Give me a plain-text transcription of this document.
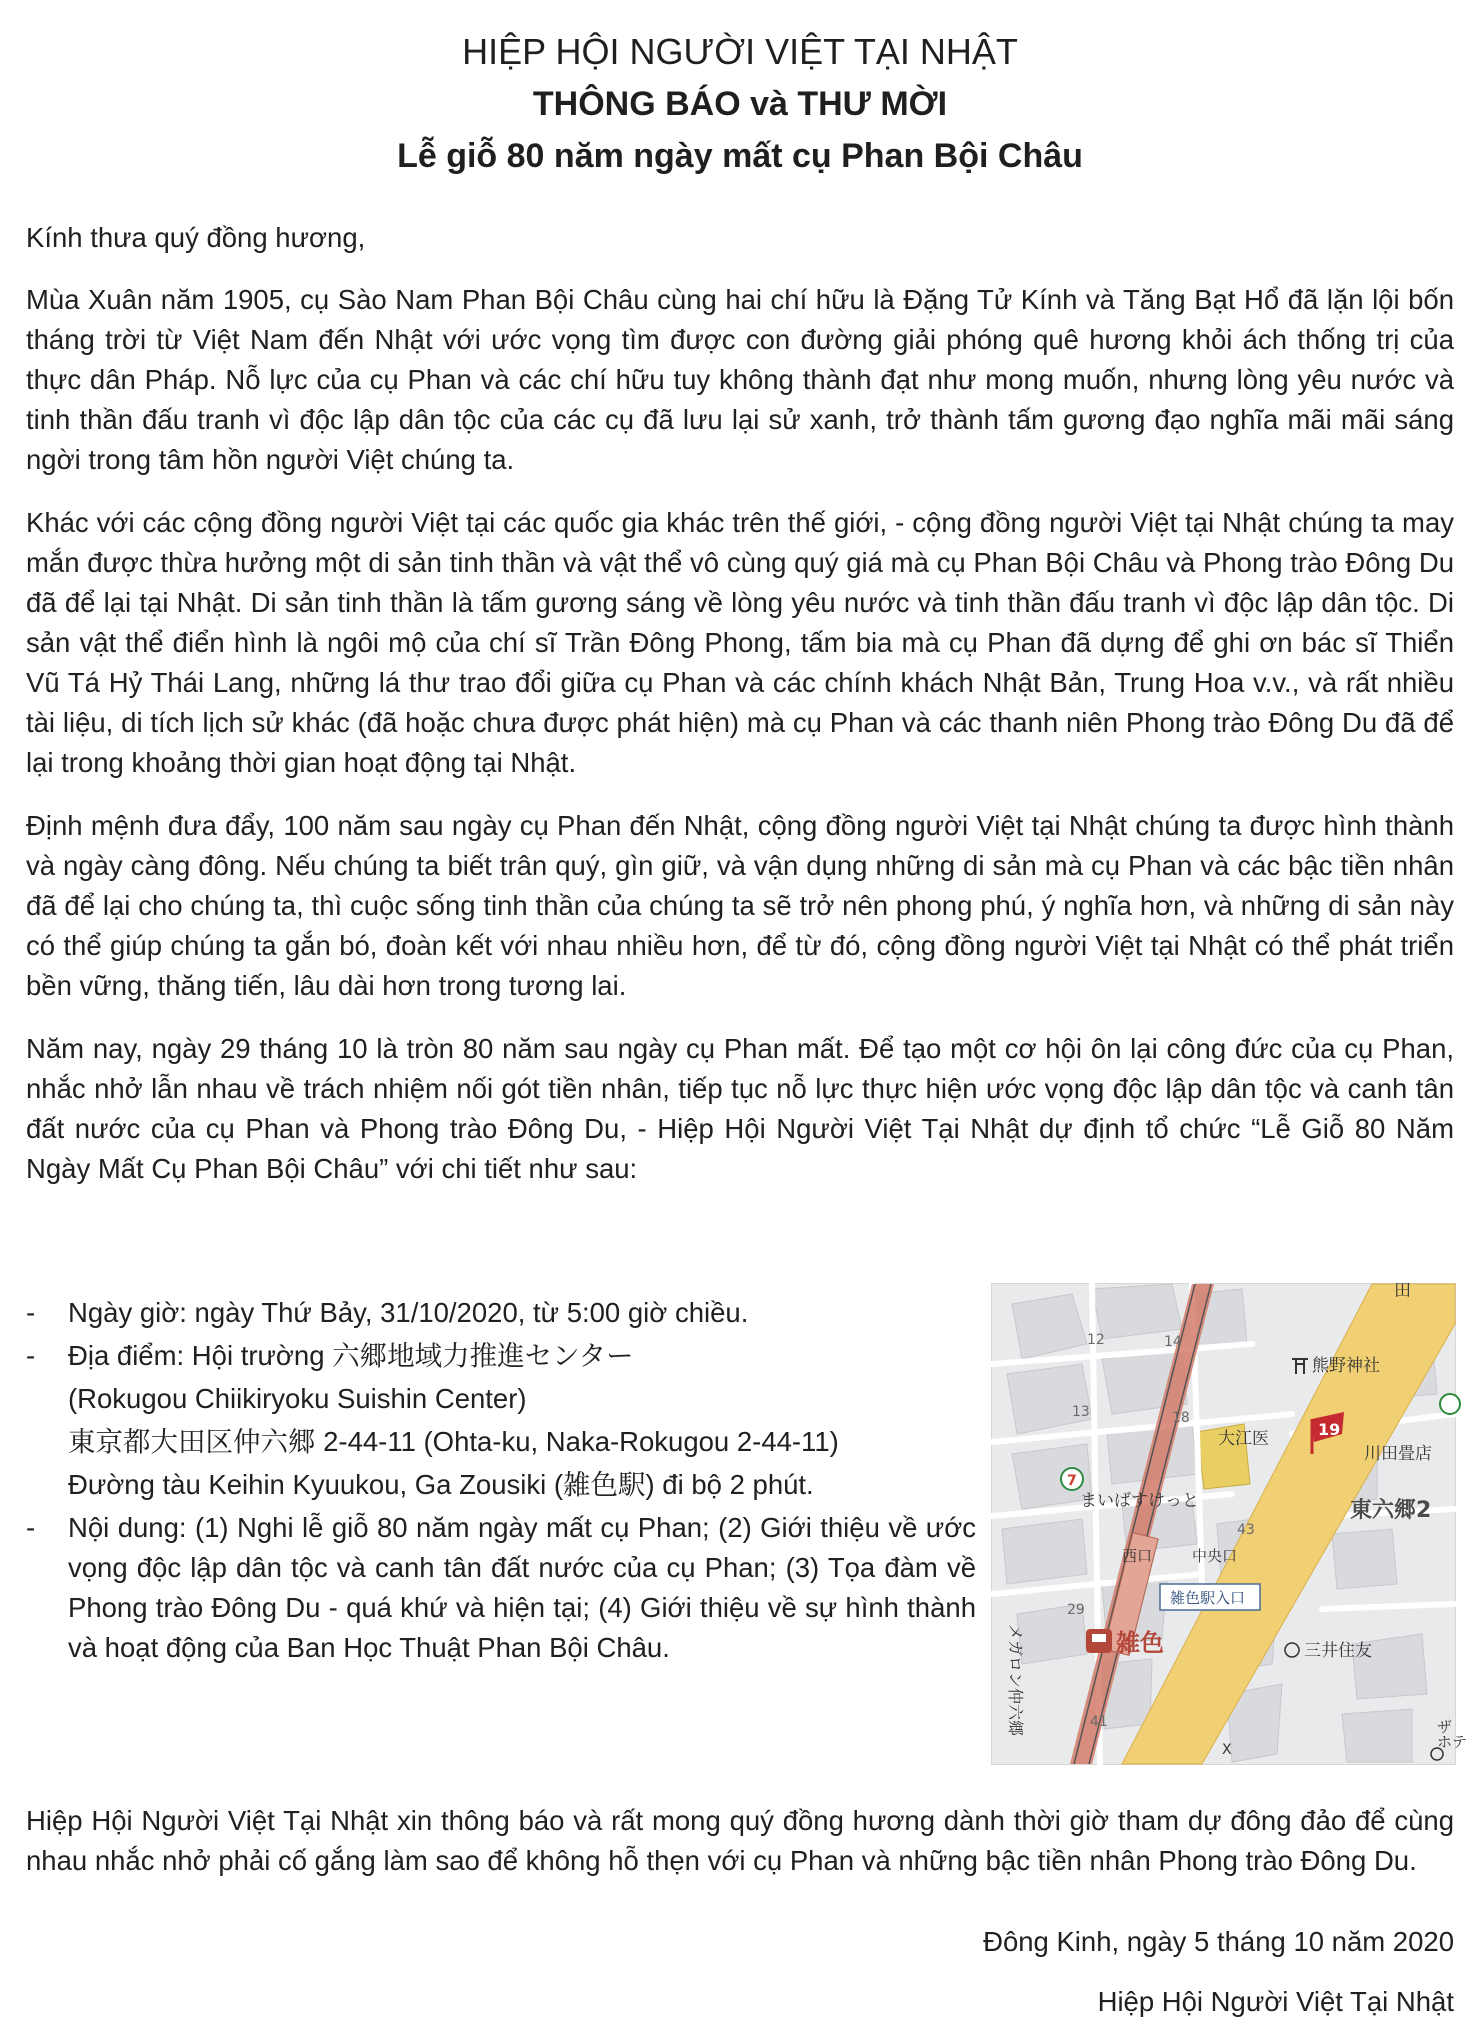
HIỆP HỘI NGƯỜI VIỆT TẠI NHẬT
THÔNG BÁO và THƯ MỜI
Lễ giỗ 80 năm ngày mất cụ Phan Bội Châu

Kính thưa quý đồng hương,

Mùa Xuân năm 1905, cụ Sào Nam Phan Bội Châu cùng hai chí hữu là Đặng Tử Kính và Tăng Bạt Hổ đã lặn lội bốn tháng trời từ Việt Nam đến Nhật với ước vọng tìm được con đường giải phóng quê hương khỏi ách thống trị của thực dân Pháp. Nỗ lực của cụ Phan và các chí hữu tuy không thành đạt như mong muốn, nhưng lòng yêu nước và tinh thần đấu tranh vì độc lập dân tộc của các cụ đã lưu lại sử xanh, trở thành tấm gương đạo nghĩa mãi mãi sáng ngời trong tâm hồn người Việt chúng ta.

Khác với các cộng đồng người Việt tại các quốc gia khác trên thế giới, - cộng đồng người Việt tại Nhật chúng ta may mắn được thừa hưởng một di sản tinh thần và vật thể vô cùng quý giá mà cụ Phan Bội Châu và Phong trào Đông Du đã để lại tại Nhật. Di sản tinh thần là tấm gương sáng về lòng yêu nước và tinh thần đấu tranh vì độc lập dân tộc. Di sản vật thể điển hình là ngôi mộ của chí sĩ Trần Đông Phong, tấm bia mà cụ Phan đã dựng để ghi ơn bác sĩ Thiển Vũ Tá Hỷ Thái Lang, những lá thư trao đổi giữa cụ Phan và các chính khách Nhật Bản, Trung Hoa v.v., và rất nhiều tài liệu, di tích lịch sử khác (đã hoặc chưa được phát hiện) mà cụ Phan và các thanh niên Phong trào Đông Du đã để lại trong khoảng thời gian hoạt động tại Nhật.

Định mệnh đưa đẩy, 100 năm sau ngày cụ Phan đến Nhật, cộng đồng người Việt tại Nhật chúng ta được hình thành và ngày càng đông. Nếu chúng ta biết trân quý, gìn giữ, và vận dụng những di sản mà cụ Phan và các bậc tiền nhân đã để lại cho chúng ta, thì cuộc sống tinh thần của chúng ta sẽ trở nên phong phú, ý nghĩa hơn, và những di sản này có thể giúp chúng ta gắn bó, đoàn kết với nhau nhiều hơn, để từ đó, cộng đồng người Việt tại Nhật có thể phát triển bền vững, thăng tiến, lâu dài hơn trong tương lai.

Năm nay, ngày 29 tháng 10 là tròn 80 năm sau ngày cụ Phan mất. Để tạo một cơ hội ôn lại công đức của cụ Phan, nhắc nhở lẫn nhau về trách nhiệm nối gót tiền nhân, tiếp tục nỗ lực thực hiện ước vọng độc lập dân tộc và canh tân đất nước của cụ Phan và Phong trào Đông Du, - Hiệp Hội Người Việt Tại Nhật dự định tổ chức “Lễ Giỗ 80 Năm Ngày Mất Cụ Phan Bội Châu” với chi tiết như sau:

-	Ngày giờ: ngày Thứ Bảy, 31/10/2020, từ 5:00 giờ chiều.
-	Địa điểm: Hội trường 六郷地域力推進センター
(Rokugou Chiikiryoku Suishin Center)
東京都大田区仲六郷 2-44-11 (Ohta-ku, Naka-Rokugou 2-44-11)
Đường tàu Keihin Kyuukou, Ga Zousiki (雑色駅) đi bộ 2 phút.
-	Nội dung: (1) Nghi lễ giỗ 80 năm ngày mất cụ Phan; (2) Giới thiệu về ước vọng độc lập dân tộc và canh tân đất nước của cụ Phan; (3) Tọa đàm về Phong trào Đông Du - quá khứ và hiện tại; (4) Giới thiệu về sự hình thành và hoạt động của Ban Học Thuật Phan Bội Châu.
19
7
田
熊野神社
まいばすけっと
大江医
川田畳店
西口	中央口
雑色駅入口
三井住友
ザ
ホテ
東六郷2
雑色
メガロン仲六郷
12
13
14
18
29
41
43
X

Hiệp Hội Người Việt Tại Nhật xin thông báo và rất mong quý đồng hương dành thời giờ tham dự đông đảo để cùng nhau nhắc nhở phải cố gắng làm sao để không hỗ thẹn với cụ Phan và những bậc tiền nhân Phong trào Đông Du.

Đông Kinh, ngày 5 tháng 10 năm 2020
Hiệp Hội Người Việt Tại Nhật
